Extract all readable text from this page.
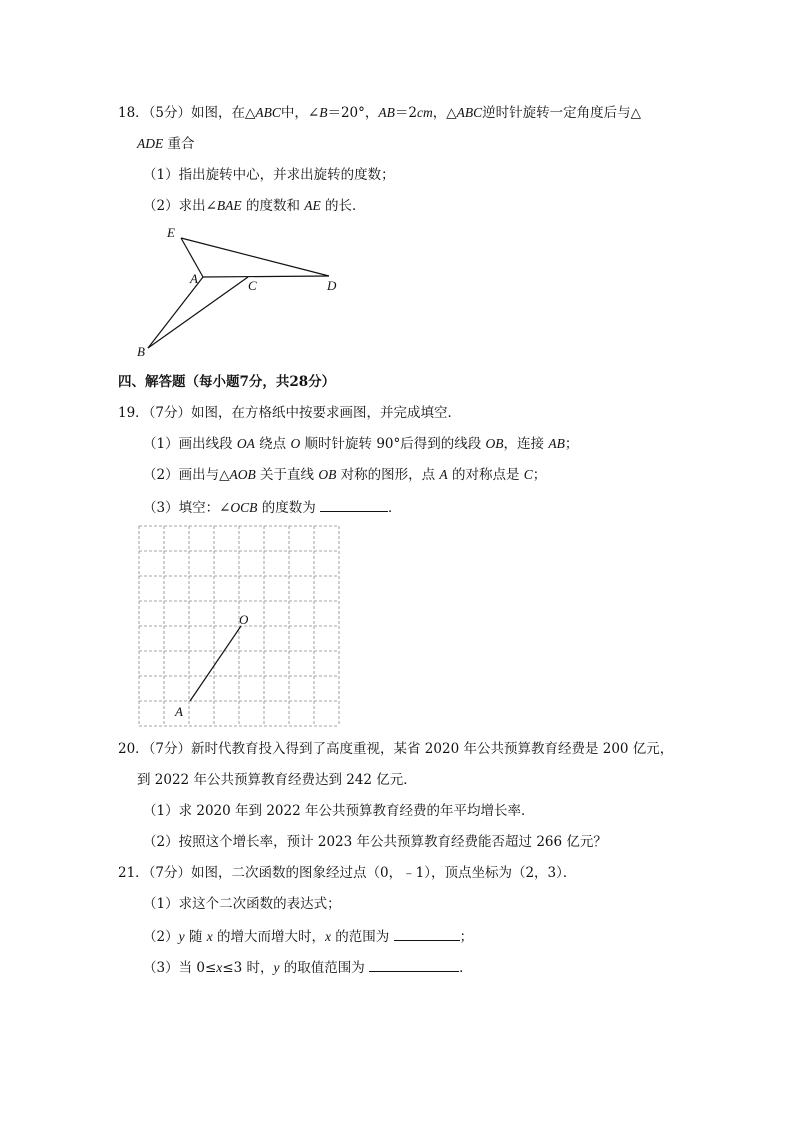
18．（5分）如图，在△ABC中，∠B＝20°，AB＝2cm，△ABC逆时针旋转一定角度后与△
ADE 重合
（1）指出旋转中心，并求出旋转的度数；
（2）求出∠BAE 的度数和 AE 的长．
E
A	C	D
B
四、解答题（每小题7分，共28分）
19．（7分）如图，在方格纸中按要求画图，并完成填空．
（1）画出线段 OA 绕点 O 顺时针旋转 90°后得到的线段 OB，连接 AB；
（2）画出与△AOB 关于直线 OB 对称的图形，点 A 的对称点是 C；
（3）填空：∠OCB 的度数为	．
O
A
20．（7分）新时代教育投入得到了高度重视，某省 2020 年公共预算教育经费是 200 亿元，
到 2022 年公共预算教育经费达到 242 亿元．
（1）求 2020 年到 2022 年公共预算教育经费的年平均增长率．
（2）按照这个增长率，预计 2023 年公共预算教育经费能否超过 266 亿元？
21．（7分）如图，二次函数的图象经过点（0，﹣1），顶点坐标为（2，3）．
（1）求这个二次函数的表达式；
（2）y 随 x 的增大而增大时，x 的范围为	；
（3）当 0≤x≤3 时，y 的取值范围为	．
